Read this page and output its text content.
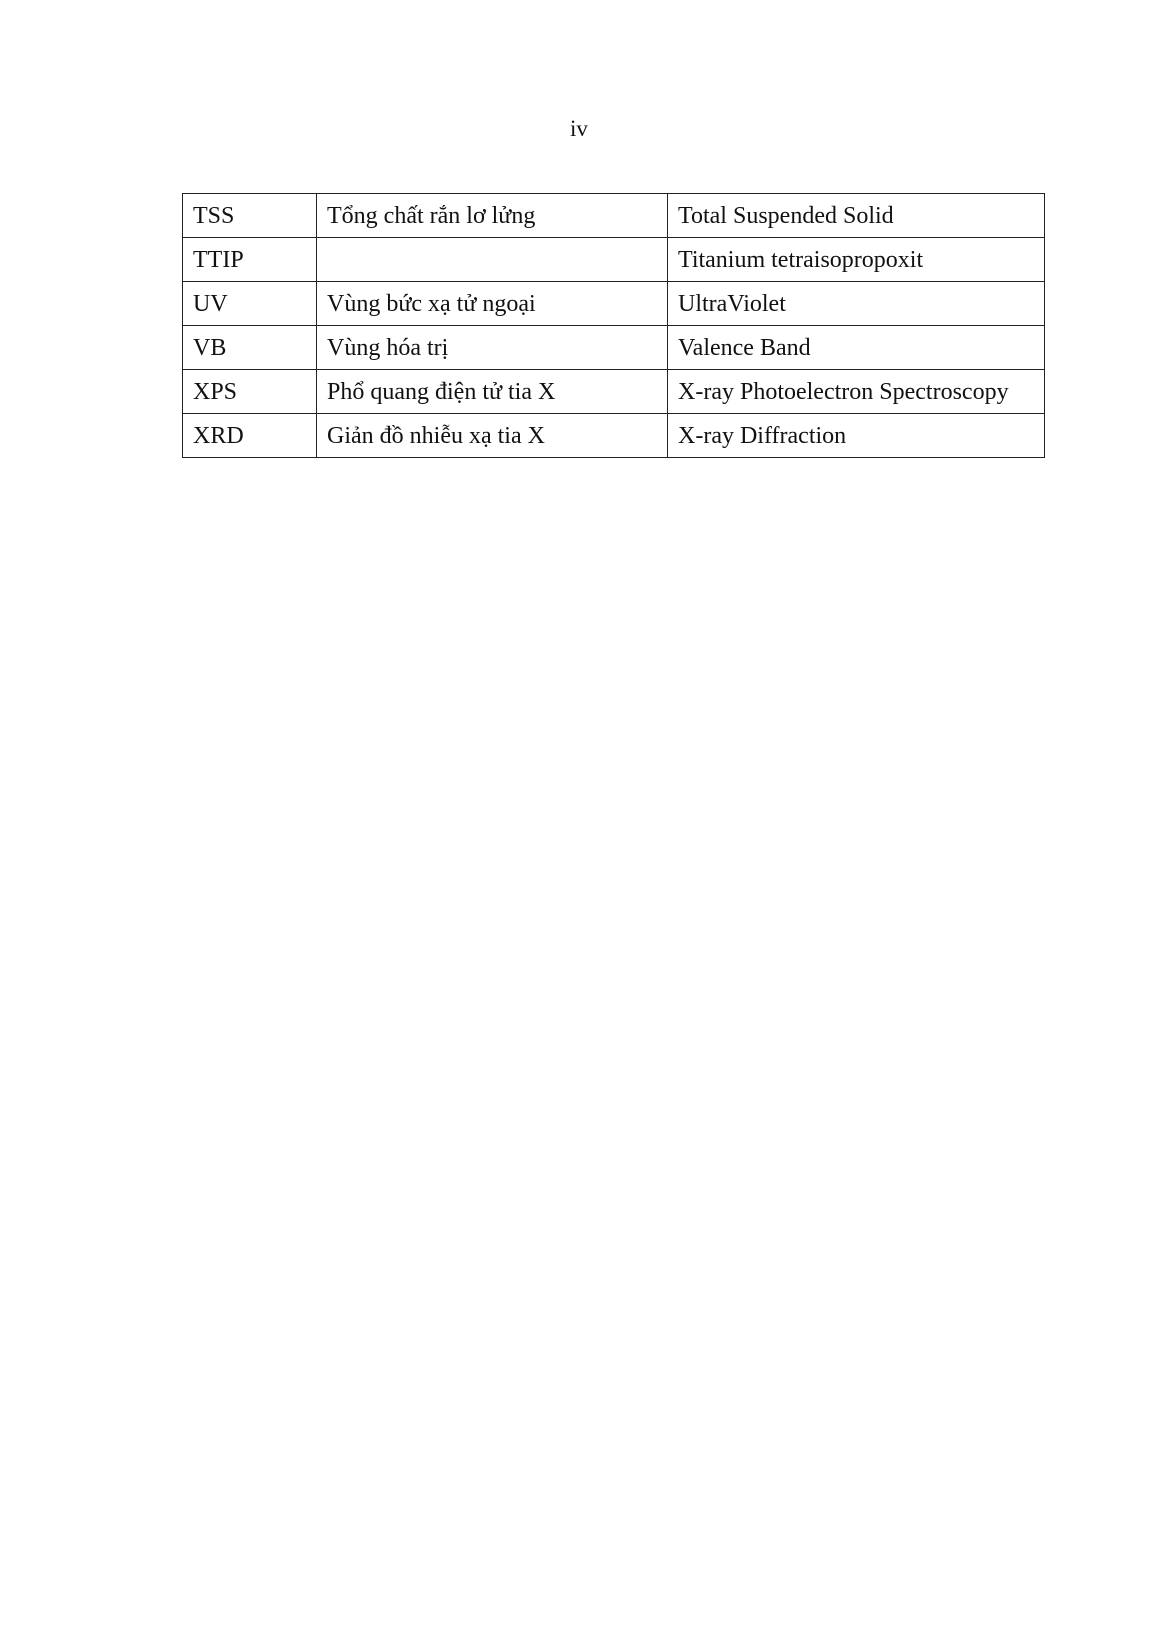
iv
TSS	Tổng chất rắn lơ lửng	Total Suspended Solid
TTIP		Titanium tetraisopropoxit
UV	Vùng bức xạ tử ngoại	UltraViolet
VB	Vùng hóa trị	Valence Band
XPS	Phổ quang điện tử tia X	X-ray Photoelectron Spectroscopy
XRD	Giản đồ nhiễu xạ tia X	X-ray Diffraction
